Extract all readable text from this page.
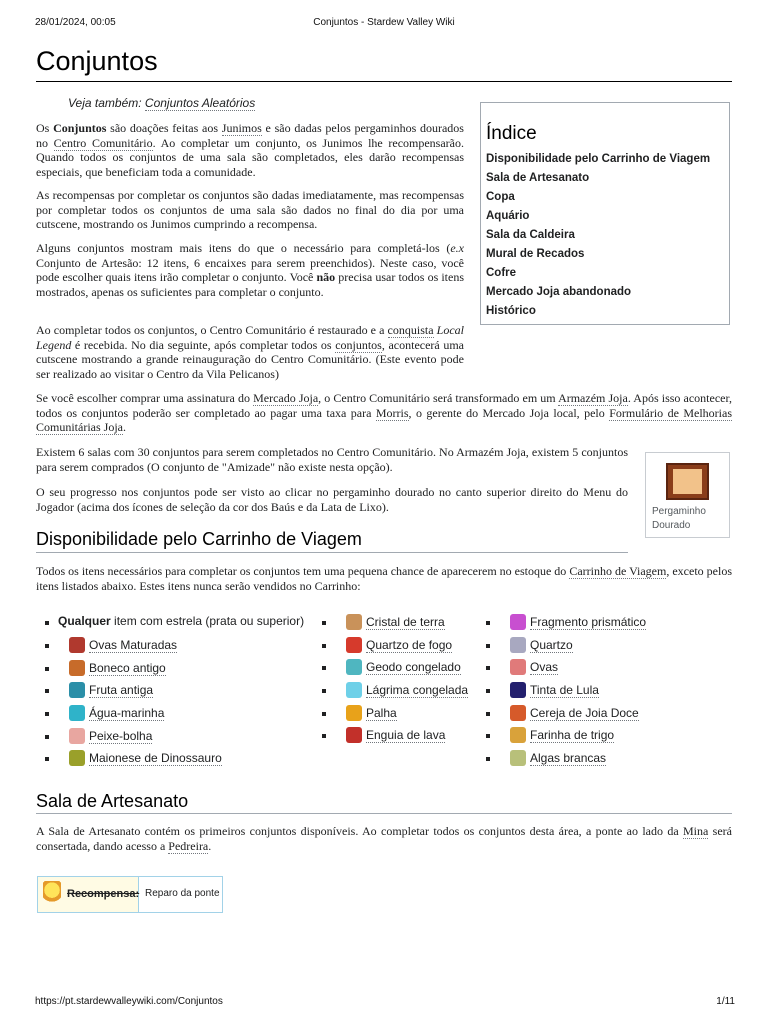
28/01/2024, 00:05	Conjuntos - Stardew Valley Wiki
Conjuntos
Veja também: Conjuntos Aleatórios
Índice
Disponibilidade pelo Carrinho de Viagem
Sala de Artesanato
Copa
Aquário
Sala da Caldeira
Mural de Recados
Cofre
Mercado Joja abandonado
Histórico

Os Conjuntos são doações feitas aos Junimos e são dadas pelos pergaminhos dourados no Centro Comunitário. Ao completar um conjunto, os Junimos lhe recompensarão. Quando todos os conjuntos de uma sala são completados, eles darão recompensas especiais, que beneficiam toda a comunidade.

As recompensas por completar os conjuntos são dadas imediatamente, mas recompensas por completar todos os conjuntos de uma sala são dados no final do dia por uma cutscene, mostrando os Junimos cumprindo a recompensa.

Alguns conjuntos mostram mais itens do que o necessário para completá-los (e.x Conjunto de Artesão: 12 itens, 6 encaixes para serem preenchidos). Neste caso, você pode escolher quais itens irão completar o conjunto. Você não precisa usar todos os itens mostrados, apenas os suficientes para completar o conjunto.

Ao completar todos os conjuntos, o Centro Comunitário é restaurado e a conquista Local Legend é recebida. No dia seguinte, após completar todos os conjuntos, acontecerá uma cutscene mostrando a grande reinauguração do Centro Comunitário. (Este evento pode ser realizado ao visitar o Centro da Vila Pelicanos)

Se você escolher comprar uma assinatura do Mercado Joja, o Centro Comunitário será transformado em um Armazém Joja. Após isso acontecer, todos os conjuntos poderão ser completado ao pagar uma taxa para Morris, o gerente do Mercado Joja local, pelo Formulário de Melhorias Comunitárias Joja.

Existem 6 salas com 30 conjuntos para serem completados no Centro Comunitário. No Armazém Joja, existem 5 conjuntos para serem comprados (O conjunto de "Amizade" não existe nesta opção).

O seu progresso nos conjuntos pode ser visto ao clicar no pergaminho dourado no canto superior direito do Menu do Jogador (acima dos ícones de seleção da cor dos Baús e da Lata de Lixo).	Pergaminho
Dourado
Disponibilidade pelo Carrinho de Viagem

Todos os itens necessários para completar os conjuntos tem uma pequena chance de aparecerem no estoque do Carrinho de Viagem, exceto pelos itens listados abaixo. Estes itens nunca serão vendidos no Carrinho:

Qualquer item com estrela (prata ou superior)
Ovas Maturadas
Boneco antigo
Fruta antiga
Água-marinha
Peixe-bolha
Maionese de Dinossauro
Cristal de terra
Quartzo de fogo
Geodo congelado
Lágrima congelada
Palha
Enguia de lava
Fragmento prismático
Quartzo
Ovas
Tinta de Lula
Cereja de Joia Doce
Farinha de trigo
Algas brancas
Sala de Artesanato

A Sala de Artesanato contém os primeiros conjuntos disponíveis. Ao completar todos os conjuntos desta área, a ponte ao lado da Mina será consertada, dando acesso a Pedreira.

Recompensa: Reparo da ponte
https://pt.stardewvalleywiki.com/Conjuntos	1/11
